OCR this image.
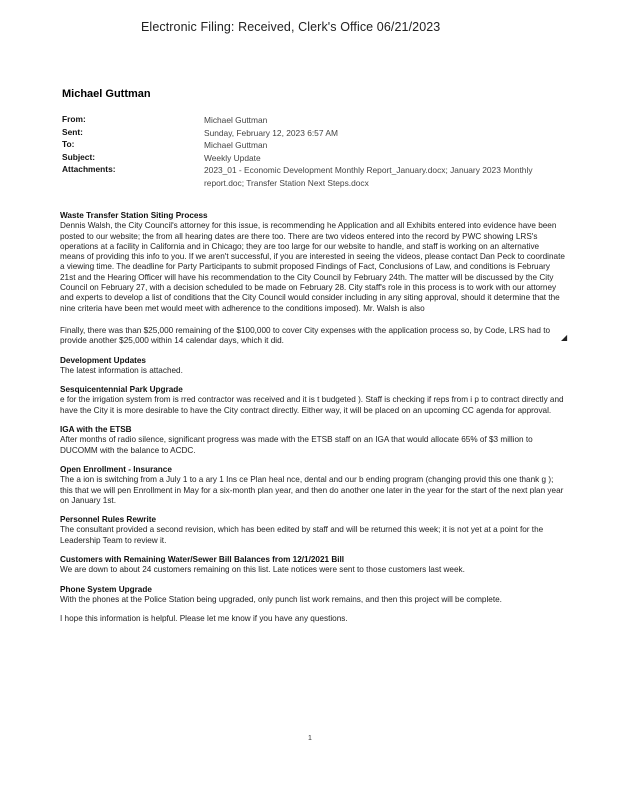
Electronic Filing: Received, Clerk's Office 06/21/2023
Michael Guttman
From:	Michael Guttman
Sent:	Sunday, February 12, 2023 6:57 AM
To:	Michael Guttman
Subject:	Weekly Update
Attachments:	2023_01 - Economic Development Monthly Report_January.docx; January 2023 Monthly report.doc; Transfer Station Next Steps.docx
Waste Transfer Station Siting Process

Dennis Walsh, the City Council's attorney for this issue, is recommending he Application and all Exhibits entered into evidence have been posted to our website; the from all hearing dates are there too. There are two videos entered into the record by PWC showing LRS's operations at a facility in California and in Chicago; they are too large for our website to handle, and staff is working on an alternative means of providing this info to you. If we aren't successful, if you are interested in seeing the videos, please contact Dan Peck to coordinate a viewing time. The deadline for Party Participants to submit proposed Findings of Fact, Conclusions of Law, and conditions is February 21st and the Hearing Officer will have his recommendation to the City Council by February 24th. The matter will be discussed by the City Council on February 27, with a decision scheduled to be made on February 28. City staff's role in this process is to work with our attorney and experts to develop a list of conditions that the City Council would consider including in any siting approval, should it determine that the nine criteria have been met would meet with adherence to the conditions imposed). Mr. Walsh is also

Finally, there was than $25,000 remaining of the $100,000 to cover City expenses with the application process so, by Code, LRS had to provide another $25,000 within 14 calendar days, which it did.

Development Updates

The latest information is attached.

Sesquicentennial Park Upgrade

e for the irrigation system from is rred contractor was received and it is t budgeted ). Staff is checking if reps from i p to contract directly and have the City it is more desirable to have the City contract directly. Either way, it will be placed on an upcoming CC agenda for approval.

IGA with the ETSB

After months of radio silence, significant progress was made with the ETSB staff on an IGA that would allocate 65% of $3 million to DUCOMM with the balance to ACDC.

Open Enrollment - Insurance

The a ion is switching from a July 1 to a ary 1 Ins ce Plan heal nce, dental and our b ending program (changing provid this one thank g ); this that we will pen Enrollment in May for a six-month plan year, and then do another one later in the year for the start of the next plan year on January 1st.

Personnel Rules Rewrite

The consultant provided a second revision, which has been edited by staff and will be returned this week; it is not yet at a point for the Leadership Team to review it.

Customers with Remaining Water/Sewer Bill Balances from 12/1/2021 Bill

We are down to about 24 customers remaining on this list. Late notices were sent to those customers last week.

Phone System Upgrade

With the phones at the Police Station being upgraded, only punch list work remains, and then this project will be complete.

I hope this information is helpful. Please let me know if you have any questions.

◢
1
